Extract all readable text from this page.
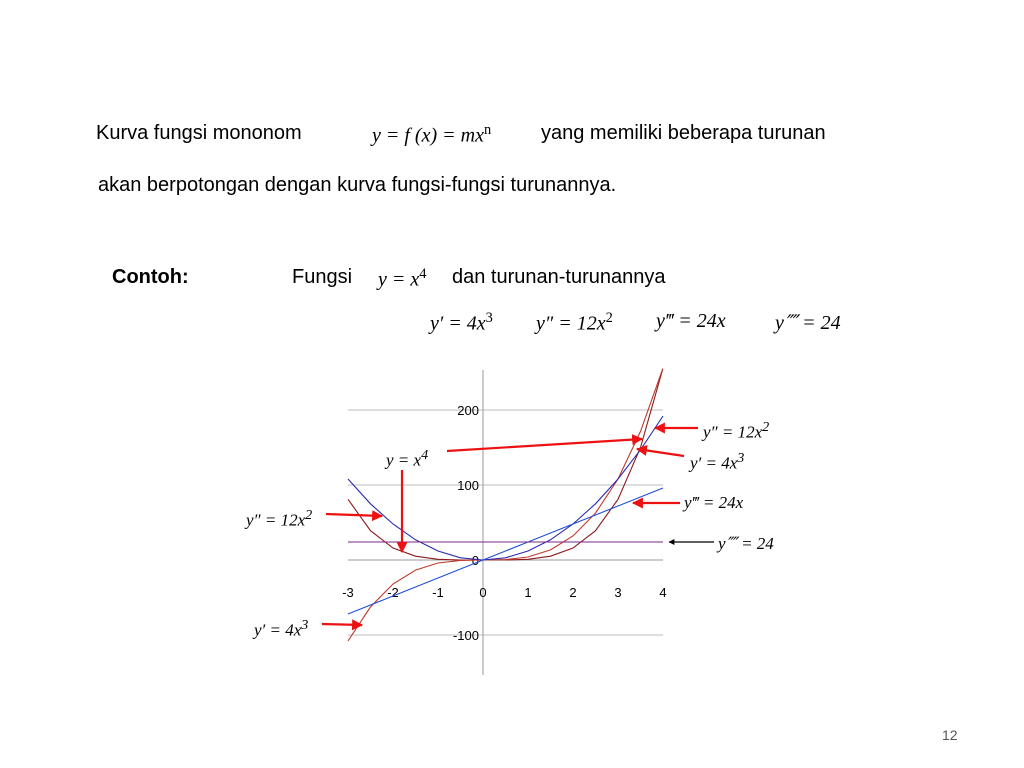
Kurva fungsi mononom	y = f $(x) = mx^n$ yang memiliki beberapa turunan
akan berpotongan dengan kurva fungsi-fungsi turunannya.
Contoh:	Fungsi $y = x^4$ dan turunan-turunannya
$y' = 4x^3$ $y'' = 12x^2$ y‴ = 24x y⁗ = 24
-3	-2	-1	0	1	2	3	4
200
100
0
-100
$y = x^4$
$y'' = 12x^2$
$y' = 4x^3$
$y'' = 12x^2$
$y' = 4x^3$
y‴ = 24x
y⁗ = 24
12
